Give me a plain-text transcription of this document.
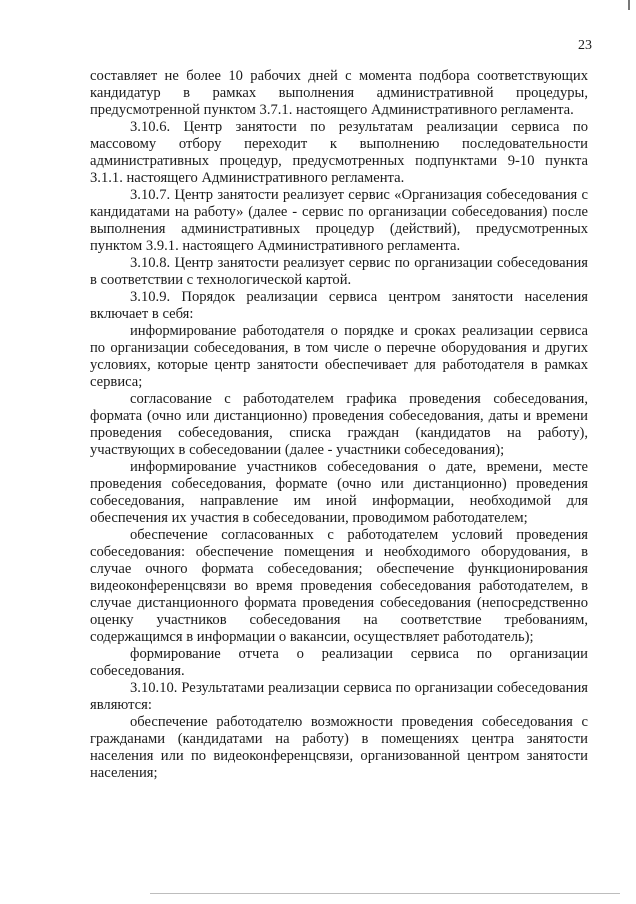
23

составляет не более 10 рабочих дней с момента подбора соответствующих кандидатур в рамках выполнения административной процедуры, предусмотренной пунктом 3.7.1. настоящего Административного регламента.

3.10.6. Центр занятости по результатам реализации сервиса по массовому отбору переходит к выполнению последовательности административных процедур, предусмотренных подпунктами 9-10 пункта 3.1.1. настоящего Административного регламента.

3.10.7. Центр занятости реализует сервис «Организация собеседования с кандидатами на работу» (далее - сервис по организации собеседования) после выполнения административных процедур (действий), предусмотренных пунктом 3.9.1. настоящего Административного регламента.

3.10.8. Центр занятости реализует сервис по организации собеседования в соответствии с технологической картой.

3.10.9. Порядок реализации сервиса центром занятости населения включает в себя:

информирование работодателя о порядке и сроках реализации сервиса по организации собеседования, в том числе о перечне оборудования и других условиях, которые центр занятости обеспечивает для работодателя в рамках сервиса;

согласование с работодателем графика проведения собеседования, формата (очно или дистанционно) проведения собеседования, даты и времени проведения собеседования, списка граждан (кандидатов на работу), участвующих в собеседовании (далее - участники собеседования);

информирование участников собеседования о дате, времени, месте проведения собеседования, формате (очно или дистанционно) проведения собеседования, направление им иной информации, необходимой для обеспечения их участия в собеседовании, проводимом работодателем;

обеспечение согласованных с работодателем условий проведения собеседования: обеспечение помещения и необходимого оборудования, в случае очного формата собеседования; обеспечение функционирования видеоконференцсвязи во время проведения собеседования работодателем, в случае дистанционного формата проведения собеседования (непосредственно оценку участников собеседования на соответствие требованиям, содержащимся в информации о вакансии, осуществляет работодатель);

формирование отчета о реализации сервиса по организации собеседования.

3.10.10. Результатами реализации сервиса по организации собеседования являются:

обеспечение работодателю возможности проведения собеседования с гражданами (кандидатами на работу) в помещениях центра занятости населения или по видеоконференцсвязи, организованной центром занятости населения;
